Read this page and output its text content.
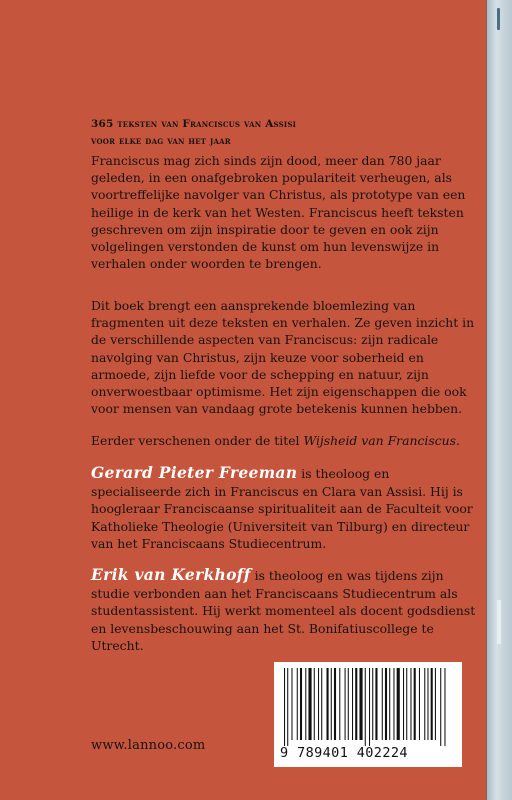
365 teksten van Franciscus van Assisi
voor elke dag van het jaar

Franciscus mag zich sinds zijn dood, meer dan 780 jaar geleden, in een onafgebroken populariteit verheugen, als voortreffelijke navolger van Christus, als prototype van een heilige in de kerk van het Westen. Franciscus heeft teksten geschreven om zijn inspiratie door te geven en ook zijn volgelingen verstonden de kunst om hun levenswijze in verhalen onder woorden te brengen.

Dit boek brengt een aansprekende bloemlezing van fragmenten uit deze teksten en verhalen. Ze geven inzicht in de verschillende aspecten van Franciscus: zijn radicale navolging van Christus, zijn keuze voor soberheid en armoede, zijn liefde voor de schepping en natuur, zijn onverwoestbaar optimisme. Het zijn eigenschappen die ook voor mensen van vandaag grote betekenis kunnen hebben.

Eerder verschenen onder de titel Wijsheid van Franciscus.

Gerard Pieter Freeman is theoloog en specialiseerde zich in Franciscus en Clara van Assisi. Hij is hoogleraar Franciscaanse spiritualiteit aan de Faculteit voor Katholieke Theologie (Universiteit van Tilburg) en directeur van het Franciscaans Studiecentrum.

Erik van Kerkhoff is theoloog en was tijdens zijn studie verbonden aan het Franciscaans Studiecentrum als studentassistent. Hij werkt momenteel als docent godsdienst en levensbeschouwing aan het St. Bonifatiuscollege te Utrecht.

www.lannoo.com	9 789401 402224
